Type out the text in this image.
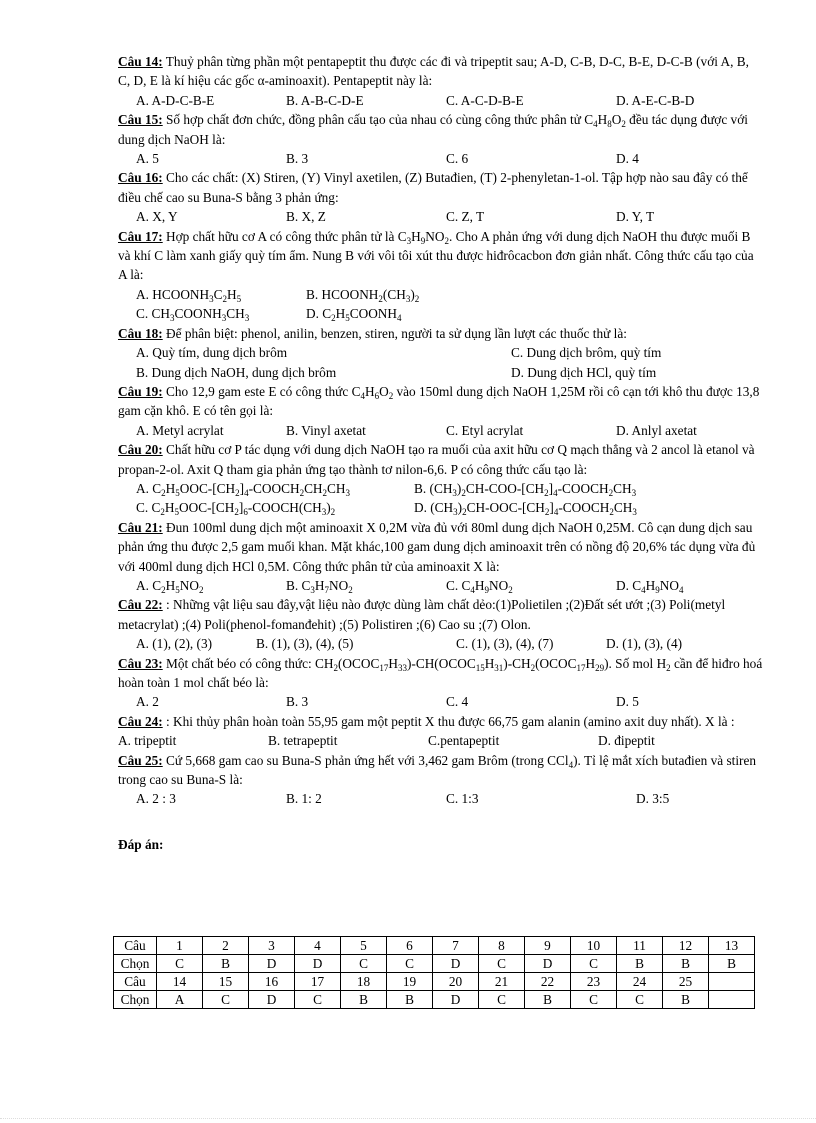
Câu 14: Thuỷ phân từng phần một pentapeptit thu được các đi và tripeptit sau; A-D, C-B, D-C, B-E, D-C-B (với A, B, C, D, E là kí hiệu các gốc α-aminoaxit). Pentapeptit này là:

A. A-D-C-B-E	B. A-B-C-D-E	C. A-C-D-B-E	D. A-E-C-B-D

Câu 15: Số hợp chất đơn chức, đồng phân cấu tạo của nhau có cùng công thức phân tử $C_4H_8O_2$ đều tác dụng được với dung dịch NaOH là:

A. 5	B. 3	C. 6	D. 4

Câu 16: Cho các chất: (X) Stiren, (Y) Vinyl axetilen, (Z) Butađien, (T) 2-phenyletan-1-ol. Tập hợp nào sau đây có thể điều chế cao su Buna-S bằng 3 phản ứng:

A. X, Y	B. X, Z	C. Z, T	D. Y, T

Câu 17: Hợp chất hữu cơ A có công thức phân tử là $C_3H_9NO_2$. Cho A phản ứng với dung dịch NaOH thu được muối B và khí C làm xanh giấy quỳ tím ẩm. Nung B với vôi tôi xút thu được hiđrôcacbon đơn giản nhất. Công thức cấu tạo của A là:

A. $HCOONH_3C_2H_5$	B. $HCOONH_2(CH_3)_2$
C. $CH_3COONH_3CH_3$	D. $C_2H_5COONH_4$

Câu 18: Để phân biệt: phenol, anilin, benzen, stiren, người ta sử dụng lần lượt các thuốc thử là:

A. Quỳ tím, dung dịch brôm	C. Dung dịch brôm, quỳ tím
B. Dung dịch NaOH, dung dịch brôm	D. Dung dịch HCl, quỳ tím

Câu 19: Cho 12,9 gam este E có công thức $C_4H_6O_2$ vào 150ml dung dịch NaOH 1,25M rồi cô cạn tới khô thu được 13,8 gam cặn khô. E có tên gọi là:

A. Metyl acrylat	B. Vinyl axetat	C. Etyl acrylat	D. Anlyl axetat

Câu 20: Chất hữu cơ P tác dụng với dung dịch NaOH tạo ra muối của axit hữu cơ Q mạch thẳng và 2 ancol là etanol và propan-2-ol. Axit Q tham gia phản ứng tạo thành tơ nilon-6,6. P có công thức cấu tạo là:

A. $C_2H_5OOC-[CH_2]_4-COOCH_2CH_2CH_3$	B. $(CH_3)_2CH-COO-[CH_2]_4-COOCH_2CH_3$
C. $C_2H_5OOC-[CH_2]_6-COOCH(CH_3)_2$	D. $(CH_3)_2CH-OOC-[CH_2]_4-COOCH_2CH_3$

Câu 21: Đun 100ml dung dịch một aminoaxit X 0,2M vừa đủ với 80ml dung dịch NaOH 0,25M. Cô cạn dung dịch sau phản ứng thu được 2,5 gam muối khan. Mặt khác,100 gam dung dịch aminoaxit trên có nồng độ 20,6% tác dụng vừa đủ với 400ml dung dịch HCl 0,5M. Công thức phân tử của aminoaxit X là:

A. $C_2H_5NO_2$	B. $C_3H_7NO_2$	C. $C_4H_9NO_2$	D. $C_4H_9NO_4$

Câu 22: : Những vật liệu sau đây,vật liệu nào được dùng làm chất dẻo:(1)Polietilen ;(2)Đất sét ướt ;(3) Poli(metyl metacrylat) ;(4) Poli(phenol-fomanđehit) ;(5) Polistiren ;(6) Cao su ;(7) Olon.

A. (1), (2), (3)	B. (1), (3), (4), (5)	C. (1), (3), (4), (7)	D. (1), (3), (4)

Câu 23: Một chất béo có công thức: $CH_2(OCOC_{17}H_{33})-CH(OCOC_{15}H_{31})-CH_2(OCOC_{17}H_{29})$. Số mol $H_2$ cần để hiđro hoá hoàn toàn 1 mol chất béo là:

A. 2	B. 3	C. 4	D. 5

Câu 24: : Khi thủy phân hoàn toàn 55,95 gam một peptit X thu được 66,75 gam alanin (amino axit duy nhất). X là :

A. tripeptit	B. tetrapeptit	C.pentapeptit	D. đipeptit

Câu 25: Cứ 5,668 gam cao su Buna-S phản ứng hết với 3,462 gam Brôm (trong CCl$_4$). Tỉ lệ mắt xích butađien và stiren trong cao su Buna-S là:

A. 2 : 3	B. 1: 2	C. 1:3	D. 3:5
Đáp án:
Câu	1	2	3	4	5	6	7	8	9	10	11	12	13
Chọn	C	B	D	D	C	C	D	C	D	C	B	B	B
Câu	14	15	16	17	18	19	20	21	22	23	24	25	
Chọn	A	C	D	C	B	B	D	C	B	C	C	B	
